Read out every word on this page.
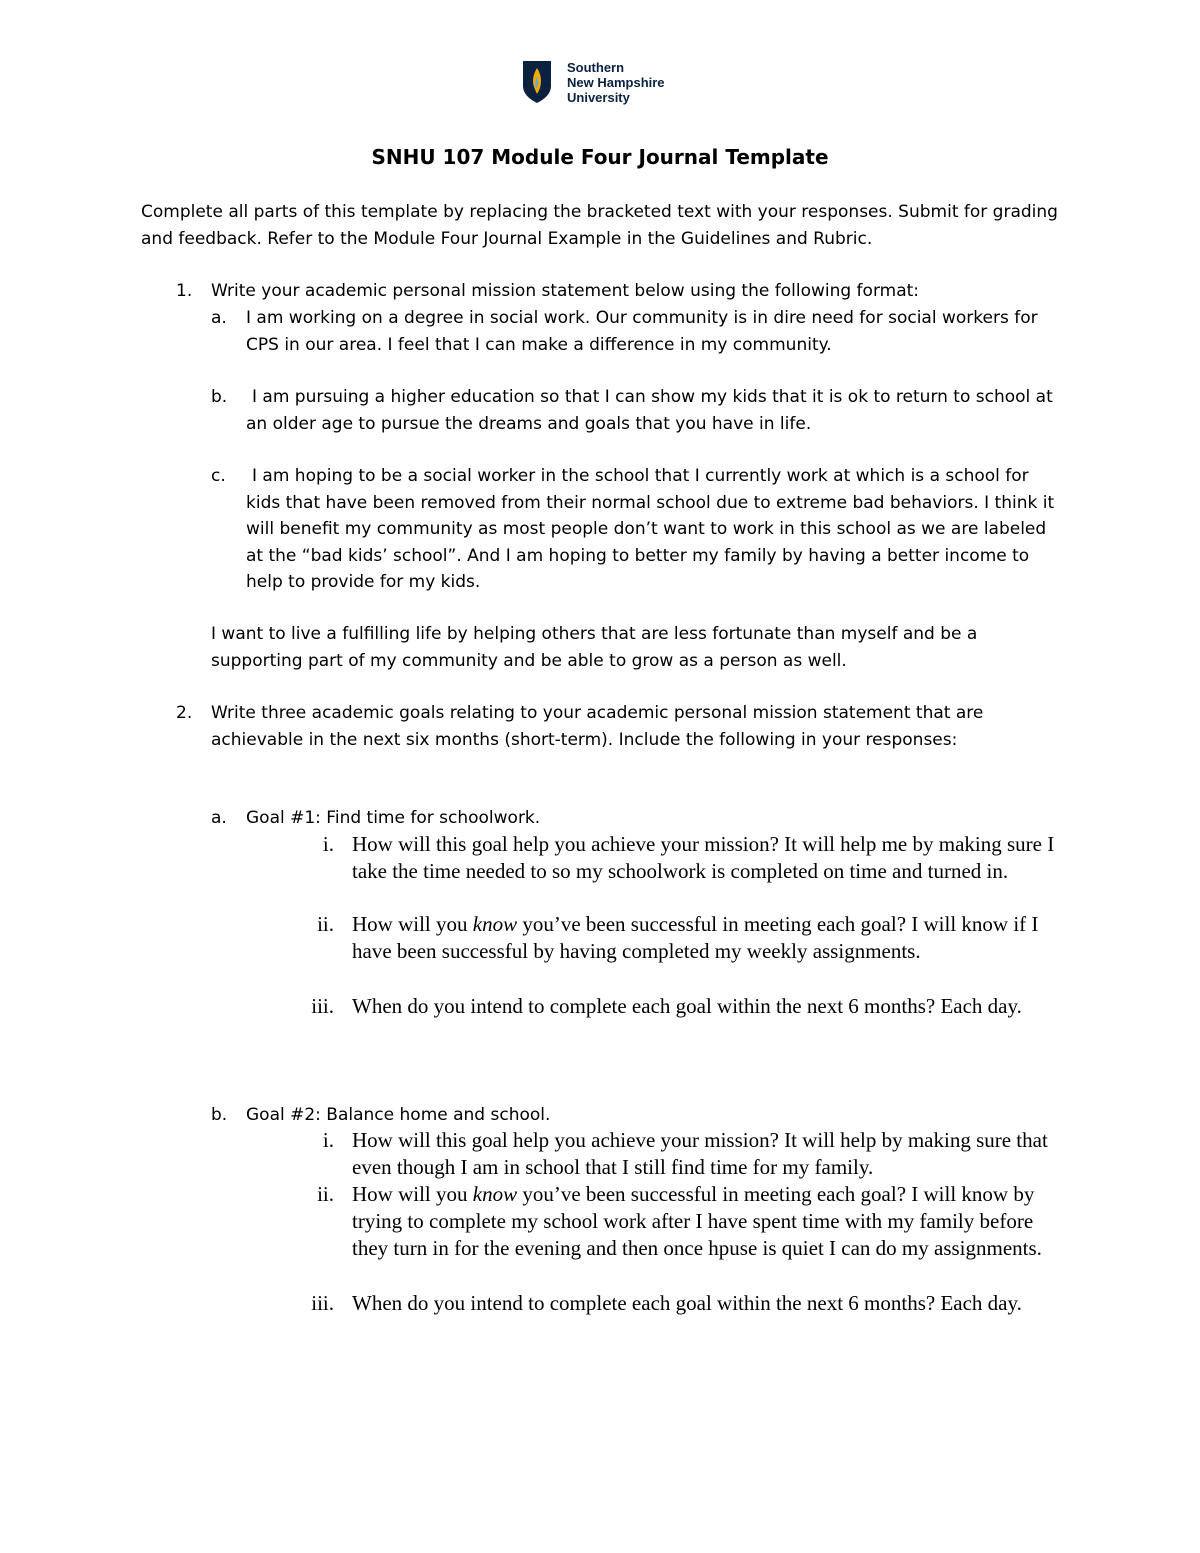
Southern
New Hampshire
University
SNHU 107 Module Four Journal Template
Complete all parts of this template by replacing the bracketed text with your responses. Submit for grading and feedback. Refer to the Module Four Journal Example in the Guidelines and Rubric.
1. Write your academic personal mission statement below using the following format:
a. I am working on a degree in social work. Our community is in dire need for social workers for CPS in our area. I feel that I can make a difference in my community.
b.	I am pursuing a higher education so that I can show my kids that it is ok to return to school at an older age to pursue the dreams and goals that you have in life.
c.	I am hoping to be a social worker in the school that I currently work at which is a school for kids that have been removed from their normal school due to extreme bad behaviors. I think it will benefit my community as most people don’t want to work in this school as we are labeled at the “bad kids’ school”. And I am hoping to better my family by having a better income to help to provide for my kids.
I want to live a fulfilling life by helping others that are less fortunate than myself and be a supporting part of my community and be able to grow as a person as well.
2. Write three academic goals relating to your academic personal mission statement that are achievable in the next six months (short-term). Include the following in your responses:
a. Goal #1: Find time for schoolwork.
i. How will this goal help you achieve your mission? It will help me by making sure I take the time needed to so my schoolwork is completed on time and turned in.
ii. How will you know you’ve been successful in meeting each goal? I will know if I have been successful by having completed my weekly assignments.
iii. When do you intend to complete each goal within the next 6 months? Each day.
b. Goal #2: Balance home and school.
i. How will this goal help you achieve your mission? It will help by making sure that even though I am in school that I still find time for my family.
ii. How will you know you’ve been successful in meeting each goal? I will know by trying to complete my school work after I have spent time with my family before they turn in for the evening and then once hpuse is quiet I can do my assignments.
iii. When do you intend to complete each goal within the next 6 months? Each day.
